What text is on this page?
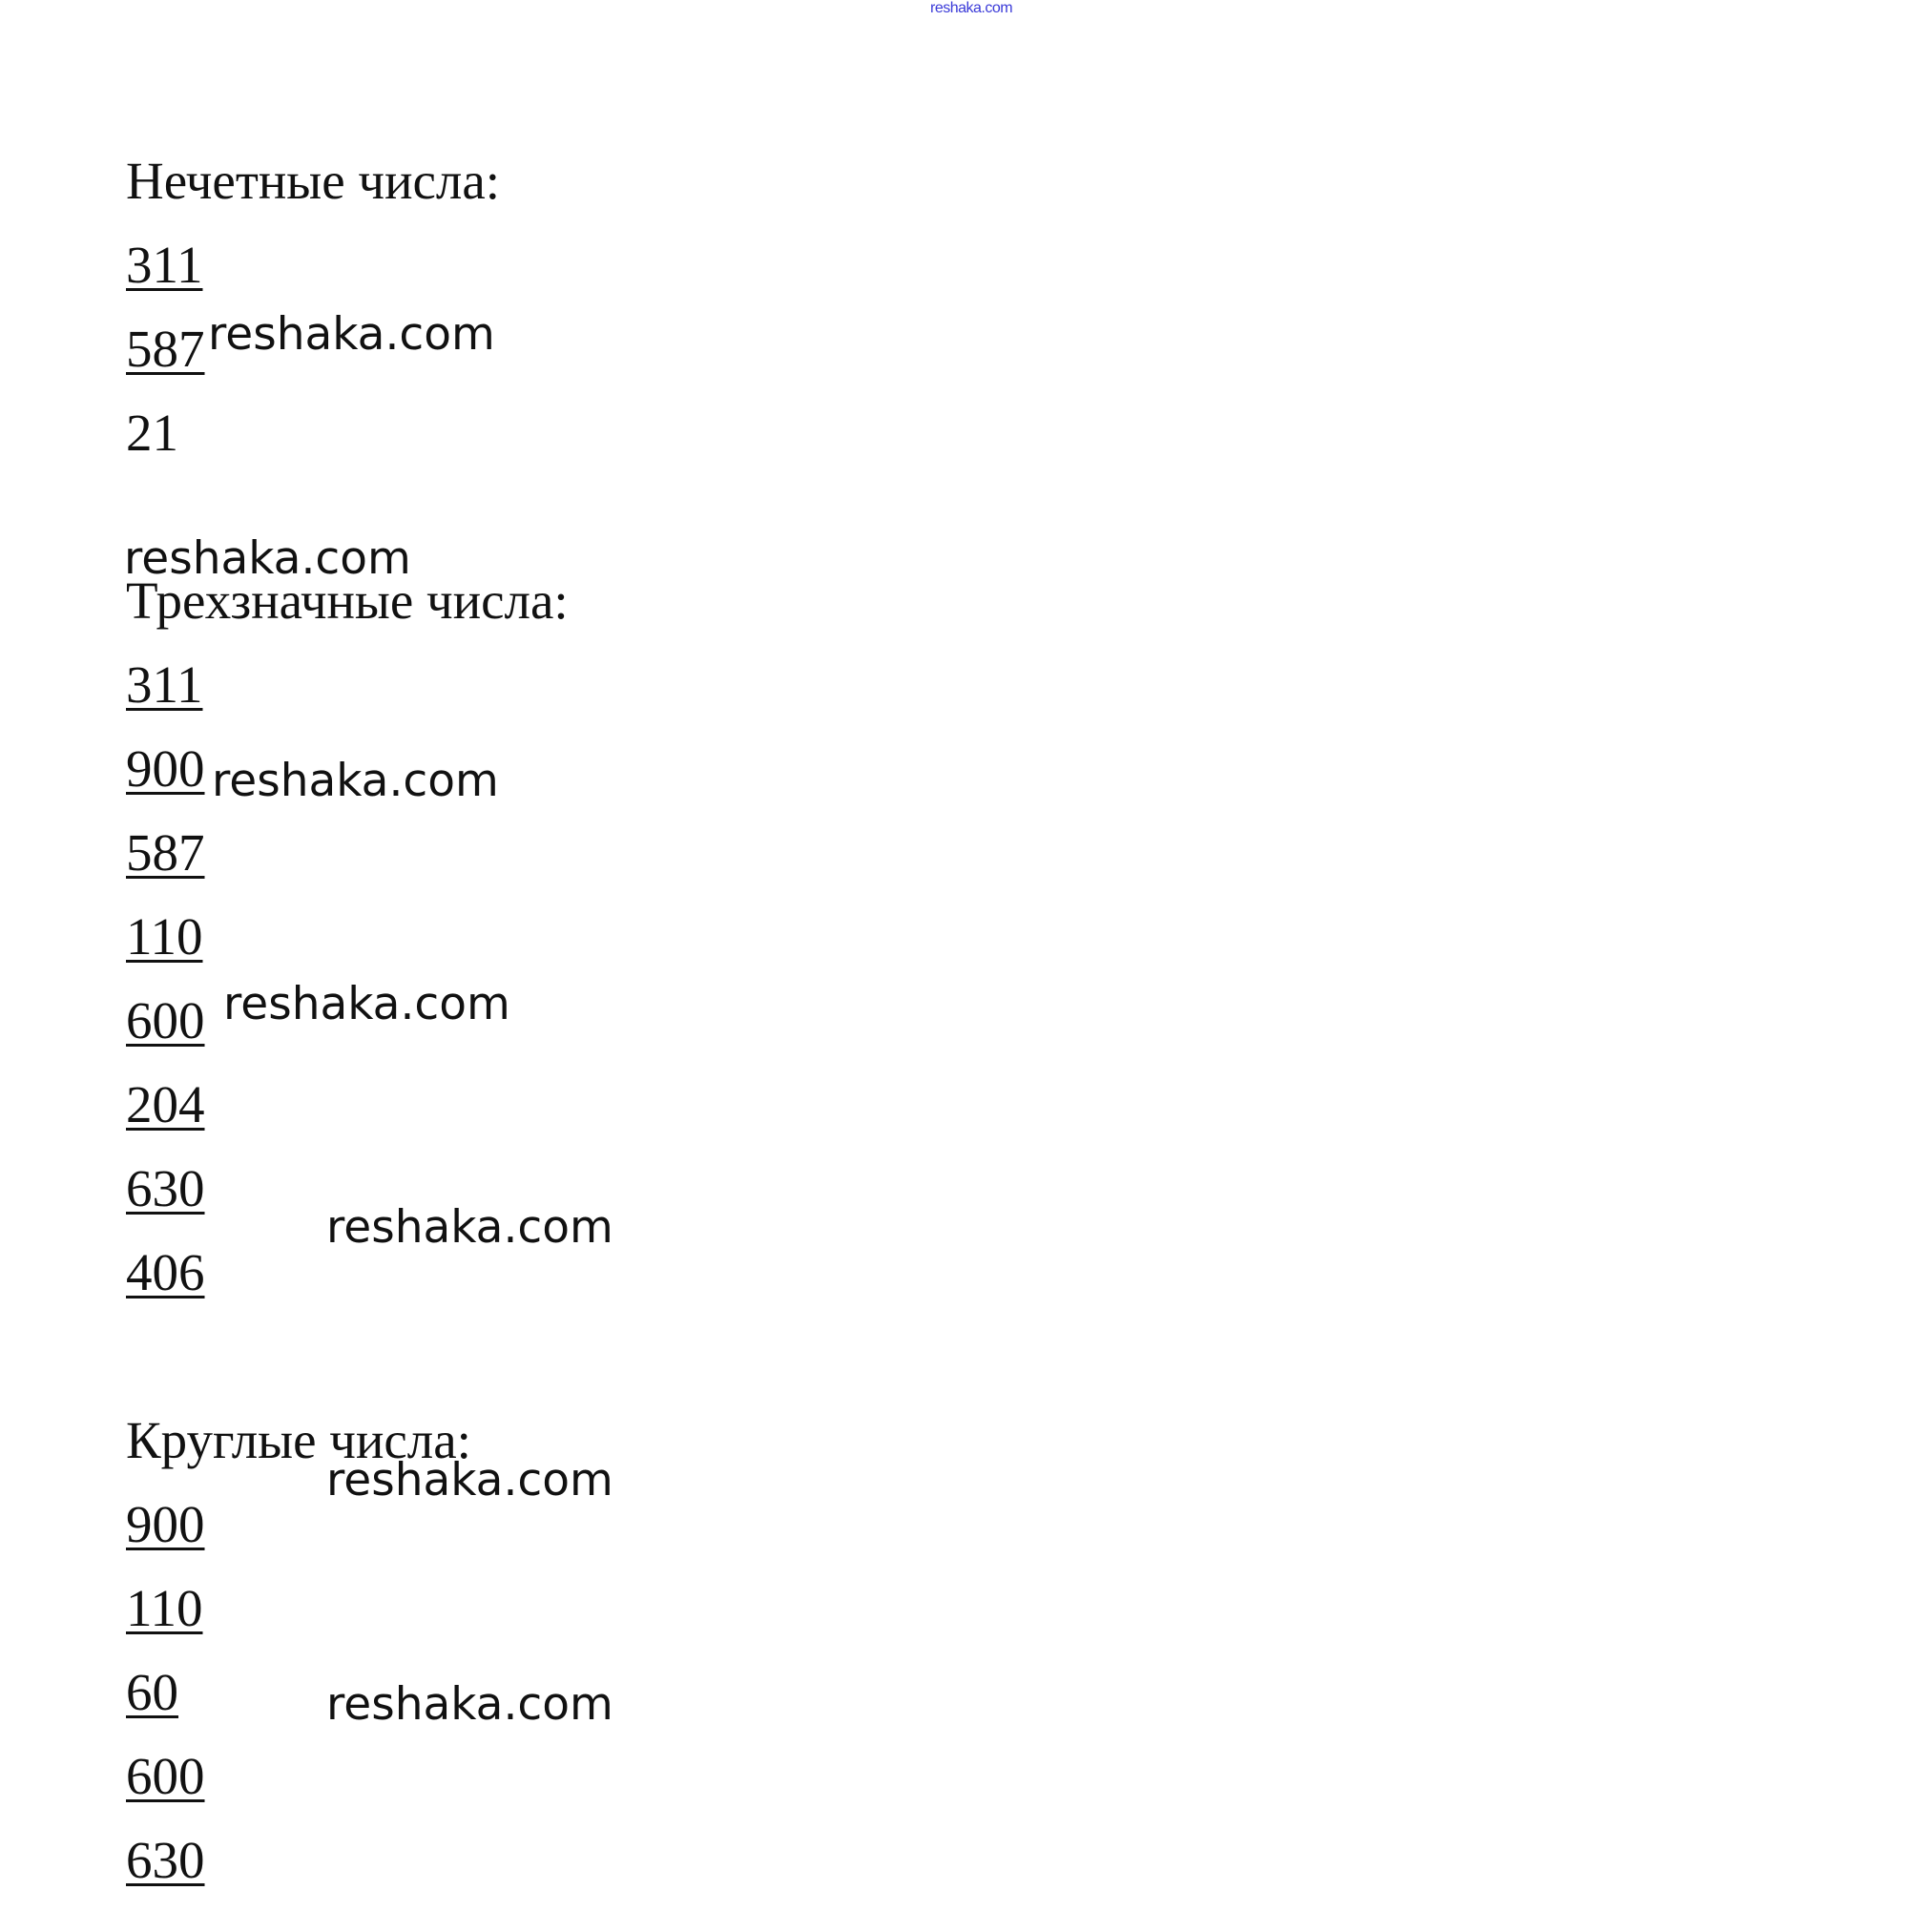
reshaka.com
Нечетные числа:
311
587
21
Трехзначные числа:
311
900
587
110
600
204
630
406
Круглые числа:
900
110
60
600
630
reshaka.com
reshaka.com
reshaka.com
reshaka.com
reshaka.com
reshaka.com
reshaka.com
